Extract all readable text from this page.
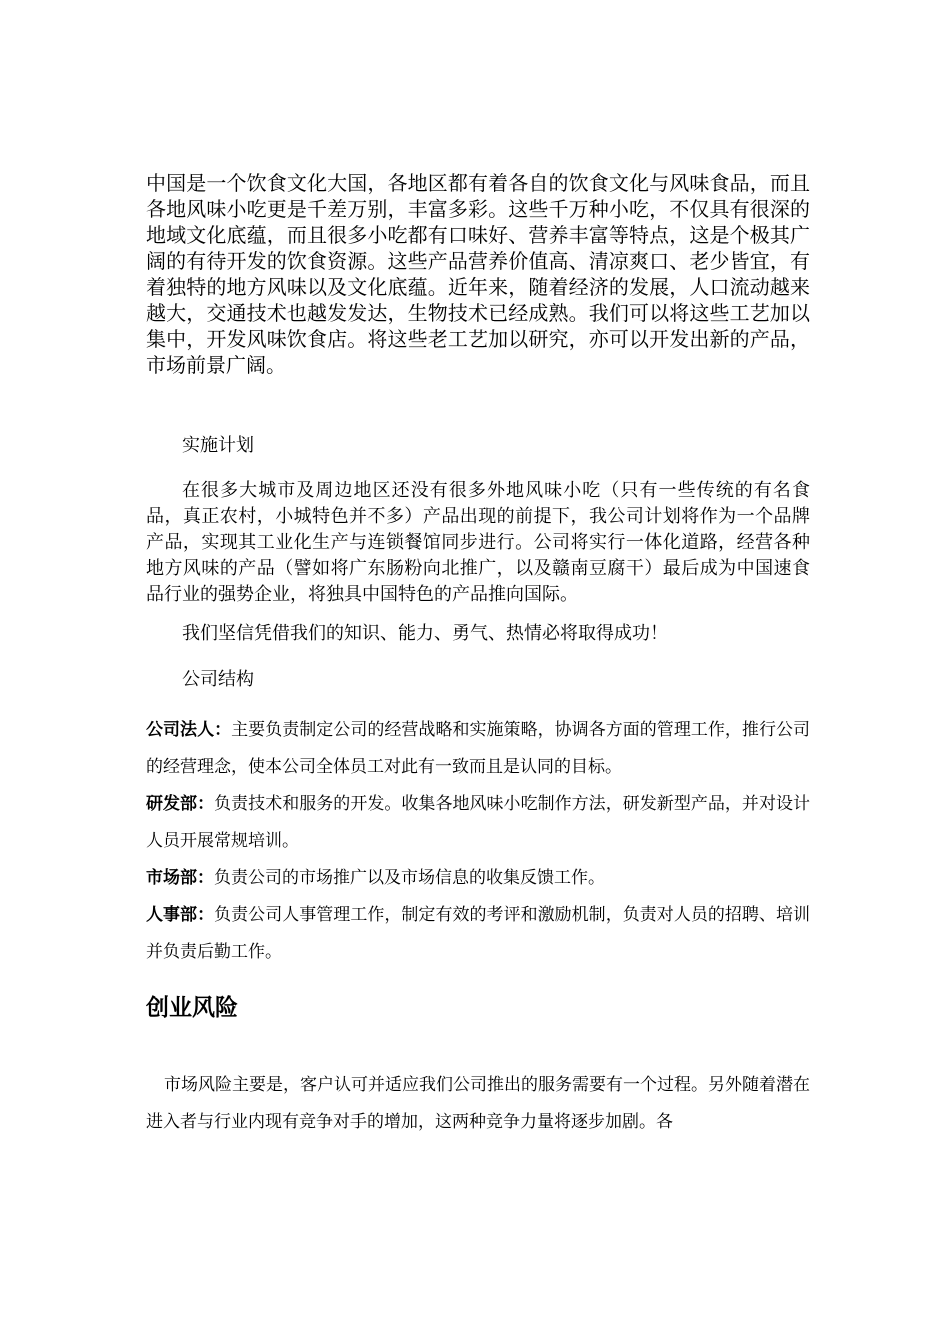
中国是一个饮食文化大国，各地区都有着各自的饮食文化与风味食品，而且各地风味小吃更是千差万别，丰富多彩。这些千万种小吃，不仅具有很深的地域文化底蕴，而且很多小吃都有口味好、营养丰富等特点，这是个极其广阔的有待开发的饮食资源。这些产品营养价值高、清凉爽口、老少皆宜，有着独特的地方风味以及文化底蕴。近年来，随着经济的发展，人口流动越来越大，交通技术也越发发达，生物技术已经成熟。我们可以将这些工艺加以集中，开发风味饮食店。将这些老工艺加以研究，亦可以开发出新的产品，市场前景广阔。

实施计划

在很多大城市及周边地区还没有很多外地风味小吃（只有一些传统的有名食品，真正农村，小城特色并不多）产品出现的前提下，我公司计划将作为一个品牌产品，实现其工业化生产与连锁餐馆同步进行。公司将实行一体化道路，经营各种地方风味的产品（譬如将广东肠粉向北推广，以及赣南豆腐干）最后成为中国速食品行业的强势企业，将独具中国特色的产品推向国际。

我们坚信凭借我们的知识、能力、勇气、热情必将取得成功！

公司结构

公司法人：主要负责制定公司的经营战略和实施策略，协调各方面的管理工作，推行公司的经营理念，使本公司全体员工对此有一致而且是认同的目标。

研发部：负责技术和服务的开发。收集各地风味小吃制作方法，研发新型产品，并对设计人员开展常规培训。

市场部：负责公司的市场推广以及市场信息的收集反馈工作。

人事部：负责公司人事管理工作，制定有效的考评和激励机制，负责对人员的招聘、培训并负责后勤工作。

创业风险

市场风险主要是，客户认可并适应我们公司推出的服务需要有一个过程。另外随着潜在进入者与行业内现有竞争对手的增加，这两种竞争力量将逐步加剧。各
